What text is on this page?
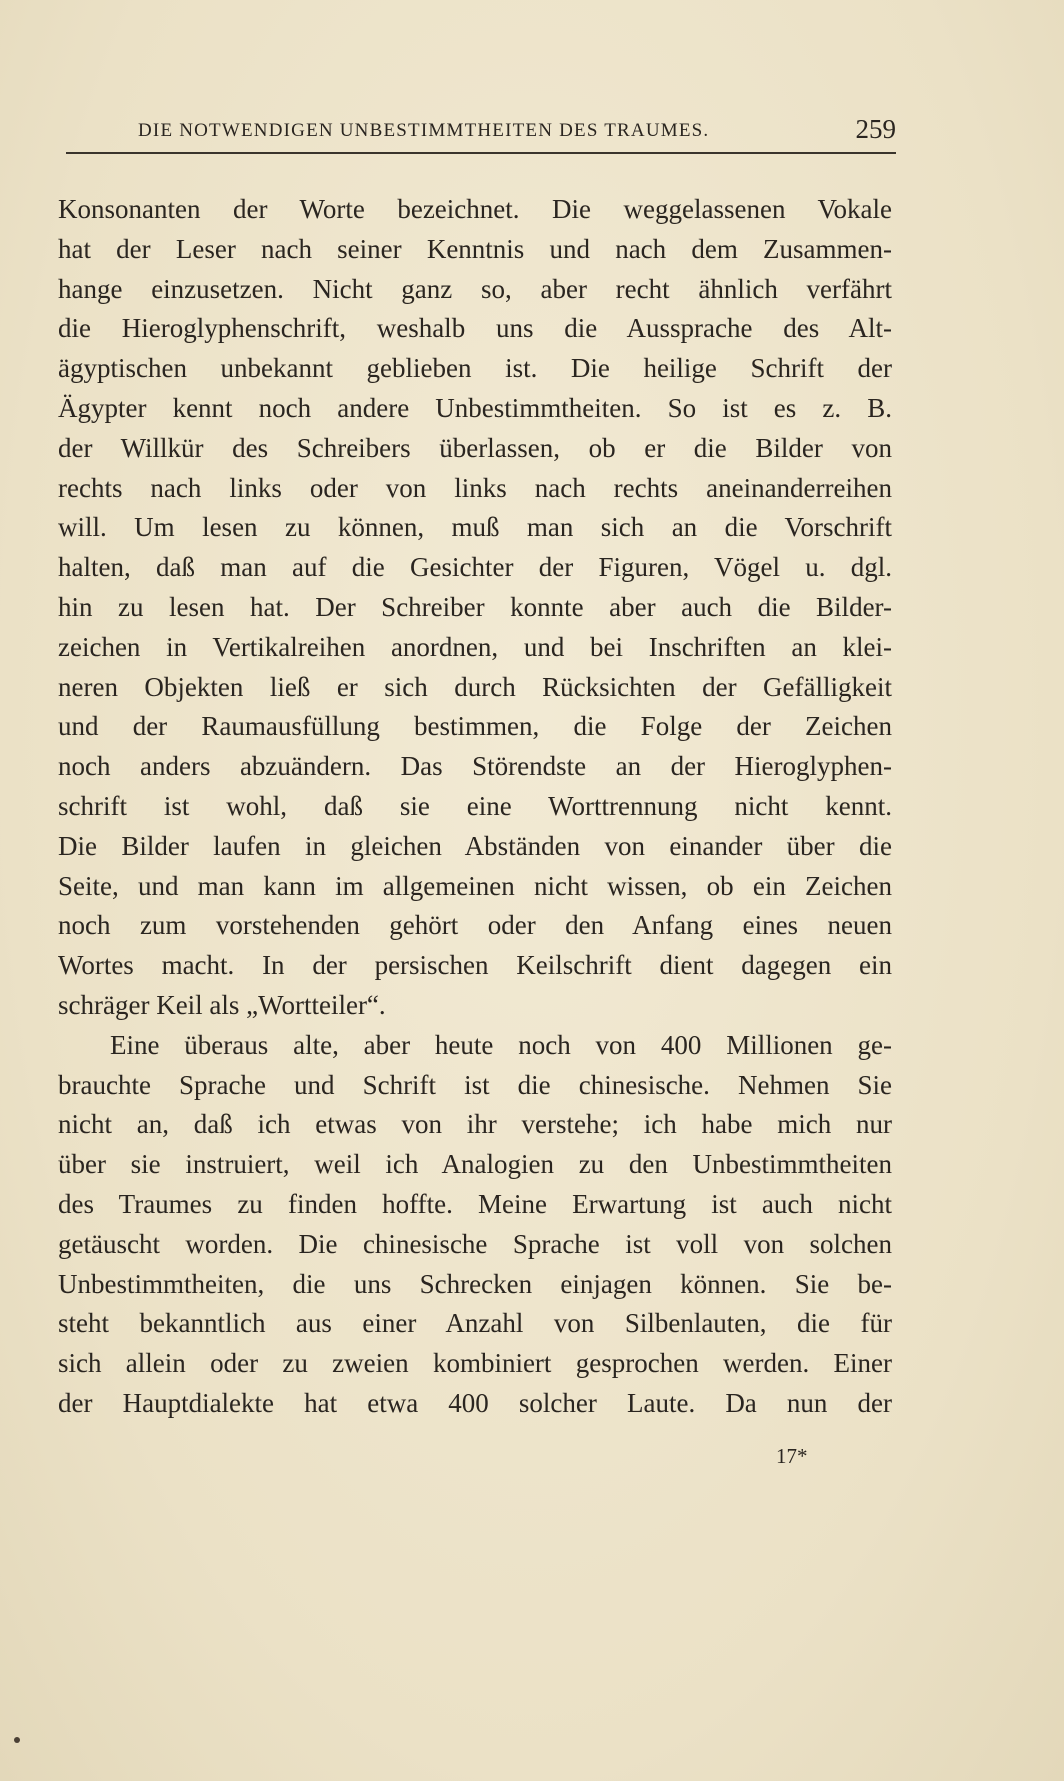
DIE NOTWENDIGEN UNBESTIMMTHEITEN DES TRAUMES.	259
Konsonanten der Worte bezeichnet. Die weggelassenen Vokale
hat der Leser nach seiner Kenntnis und nach dem Zusammen-
hange einzusetzen. Nicht ganz so, aber recht ähnlich verfährt
die Hieroglyphenschrift, weshalb uns die Aussprache des Alt-
ägyptischen unbekannt geblieben ist. Die heilige Schrift der
Ägypter kennt noch andere Unbestimmtheiten. So ist es z. B.
der Willkür des Schreibers überlassen, ob er die Bilder von
rechts nach links oder von links nach rechts aneinanderreihen
will. Um lesen zu können, muß man sich an die Vorschrift
halten, daß man auf die Gesichter der Figuren, Vögel u. dgl.
hin zu lesen hat. Der Schreiber konnte aber auch die Bilder-
zeichen in Vertikalreihen anordnen, und bei Inschriften an klei-
neren Objekten ließ er sich durch Rücksichten der Gefälligkeit
und der Raumausfüllung bestimmen, die Folge der Zeichen
noch anders abzuändern. Das Störendste an der Hieroglyphen-
schrift ist wohl, daß sie eine Worttrennung nicht kennt.
Die Bilder laufen in gleichen Abständen von einander über die
Seite, und man kann im allgemeinen nicht wissen, ob ein Zeichen
noch zum vorstehenden gehört oder den Anfang eines neuen
Wortes macht. In der persischen Keilschrift dient dagegen ein
schräger Keil als „Wortteiler“.
Eine überaus alte, aber heute noch von 400 Millionen ge-
brauchte Sprache und Schrift ist die chinesische. Nehmen Sie
nicht an, daß ich etwas von ihr verstehe; ich habe mich nur
über sie instruiert, weil ich Analogien zu den Unbestimmtheiten
des Traumes zu finden hoffte. Meine Erwartung ist auch nicht
getäuscht worden. Die chinesische Sprache ist voll von solchen
Unbestimmtheiten, die uns Schrecken einjagen können. Sie be-
steht bekanntlich aus einer Anzahl von Silbenlauten, die für
sich allein oder zu zweien kombiniert gesprochen werden. Einer
der Hauptdialekte hat etwa 400 solcher Laute. Da nun der
17*
